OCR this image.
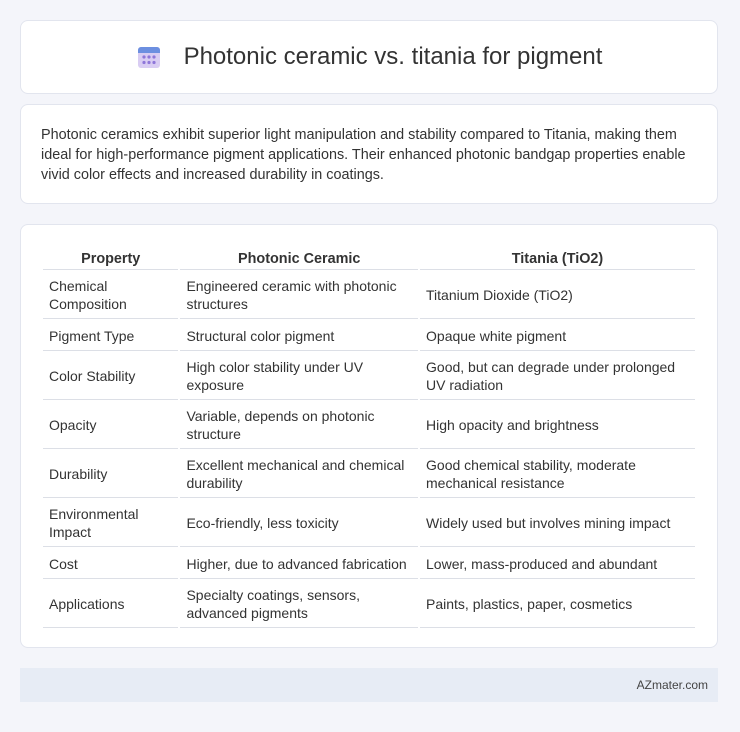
Photonic ceramic vs. titania for pigment

Photonic ceramics exhibit superior light manipulation and stability compared to Titania, making them ideal for high-performance pigment applications. Their enhanced photonic bandgap properties enable vivid color effects and increased durability in coatings.

Property	Photonic Ceramic	Titania (TiO2)
Chemical Composition	Engineered ceramic with photonic structures	Titanium Dioxide (TiO2)
Pigment Type	Structural color pigment	Opaque white pigment
Color Stability	High color stability under UV exposure	Good, but can degrade under prolonged UV radiation
Opacity	Variable, depends on photonic structure	High opacity and brightness
Durability	Excellent mechanical and chemical durability	Good chemical stability, moderate mechanical resistance
Environmental Impact	Eco-friendly, less toxicity	Widely used but involves mining impact
Cost	Higher, due to advanced fabrication	Lower, mass-produced and abundant
Applications	Specialty coatings, sensors, advanced pigments	Paints, plastics, paper, cosmetics
AZmater.com
